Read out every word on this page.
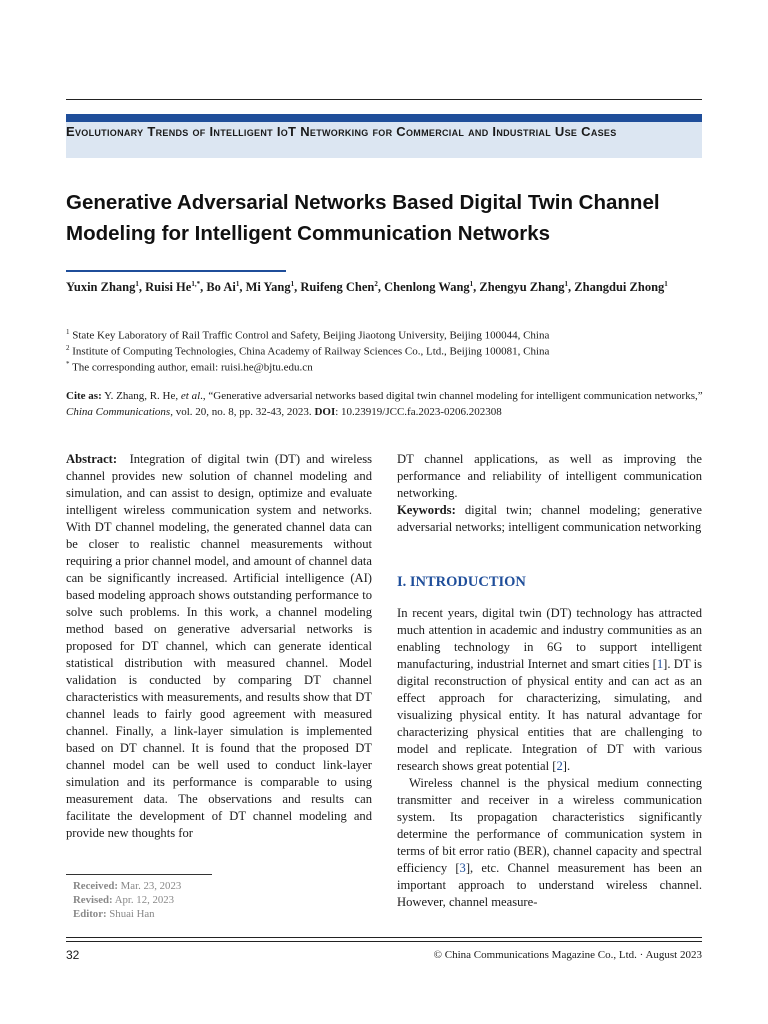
Evolutionary Trends of Intelligent IoT Networking for Commercial and Industrial Use Cases
Generative Adversarial Networks Based Digital Twin Channel Modeling for Intelligent Communication Networks
Yuxin Zhang$^1$, Ruisi $He^{1,*}$, Bo Ai$^1$, Mi Yang$^1$, Ruifeng Chen$^2$, Chenlong Wang$^1$, Zhengyu Zhang$^1$, Zhangdui Zhong$^1$
$^1$ State Key Laboratory of Rail Traffic Control and Safety, Beijing Jiaotong University, Beijing 100044, China
$^2$ Institute of Computing Technologies, China Academy of Railway Sciences Co., Ltd., Beijing 100081, China
* The corresponding author, email: ruisi.he@bjtu.edu.cn
Cite as: Y. Zhang, R. He, et al., “Generative adversarial networks based digital twin channel modeling for intelligent communication networks,” China Communications, vol. 20, no. 8, pp. 32-43, 2023. DOI: 10.23919/JCC.fa.2023-0206.202308

Abstract: Integration of digital twin (DT) and wireless channel provides new solution of channel modeling and simulation, and can assist to design, optimize and evaluate intelligent wireless communication system and networks. With DT channel modeling, the generated channel data can be closer to realistic channel measurements without requiring a prior channel model, and amount of channel data can be significantly increased. Artificial intelligence (AI) based modeling approach shows outstanding performance to solve such problems. In this work, a channel modeling method based on generative adversarial networks is proposed for DT channel, which can generate identical statistical distribution with measured channel. Model validation is conducted by comparing DT channel characteristics with measurements, and results show that DT channel leads to fairly good agreement with measured channel. Finally, a link-layer simulation is implemented based on DT channel. It is found that the proposed DT channel model can be well used to conduct link-layer simulation and its performance is comparable to using measurement data. The observations and results can facilitate the development of DT channel modeling and provide new thoughts for

DT channel applications, as well as improving the performance and reliability of intelligent communication networking.

Keywords: digital twin; channel modeling; generative adversarial networks; intelligent communication networking

I. INTRODUCTION

In recent years, digital twin (DT) technology has attracted much attention in academic and industry communities as an enabling technology in 6G to support intelligent manufacturing, industrial Internet and smart cities [1]. DT is digital reconstruction of physical entity and can act as an effect approach for characterizing, simulating, and visualizing physical entity. It has natural advantage for characterizing physical entities that are challenging to model and replicate. Integration of DT with various research shows great potential [2].

Wireless channel is the physical medium connecting transmitter and receiver in a wireless communication system. Its propagation characteristics significantly determine the performance of communication system in terms of bit error ratio (BER), channel capacity and spectral efficiency [3], etc. Channel measurement has been an important approach to understand wireless channel. However, channel measure-

Received: Mar. 23, 2023
Revised: Apr. 12, 2023
Editor: Shuai Han
32	© China Communications Magazine Co., Ltd. · August 2023
